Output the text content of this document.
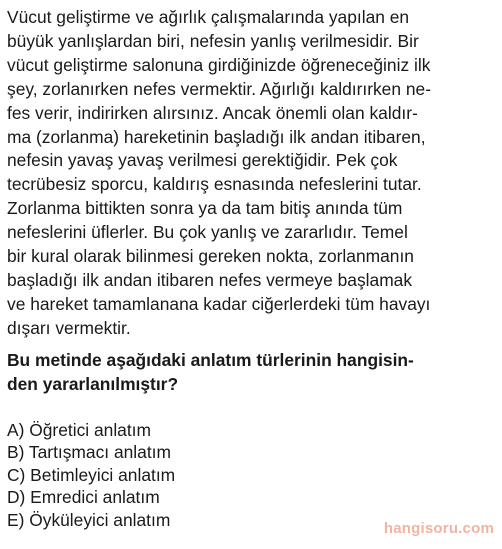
Vücut geliştirme ve ağırlık çalışmalarında yapılan en
büyük yanlışlardan biri, nefesin yanlış verilmesidir. Bir
vücut geliştirme salonuna girdiğinizde öğreneceğiniz ilk
şey, zorlanırken nefes vermektir. Ağırlığı kaldırırken ne-
fes verir, indirirken alırsınız. Ancak önemli olan kaldır-
ma (zorlanma) hareketinin başladığı ilk andan itibaren,
nefesin yavaş yavaş verilmesi gerektiğidir. Pek çok
tecrübesiz sporcu, kaldırış esnasında nefeslerini tutar.
Zorlanma bittikten sonra ya da tam bitiş anında tüm
nefeslerini üflerler. Bu çok yanlış ve zararlıdır. Temel
bir kural olarak bilinmesi gereken nokta, zorlanmanın
başladığı ilk andan itibaren nefes vermeye başlamak
ve hareket tamamlanana kadar ciğerlerdeki tüm havayı
dışarı vermektir.
Bu metinde aşağıdaki anlatım türlerinin hangisin-
den yararlanılmıştır?
A) Öğretici anlatım
B) Tartışmacı anlatım
C) Betimleyici anlatım
D) Emredici anlatım
E) Öyküleyici anlatım	hangisoru.com
